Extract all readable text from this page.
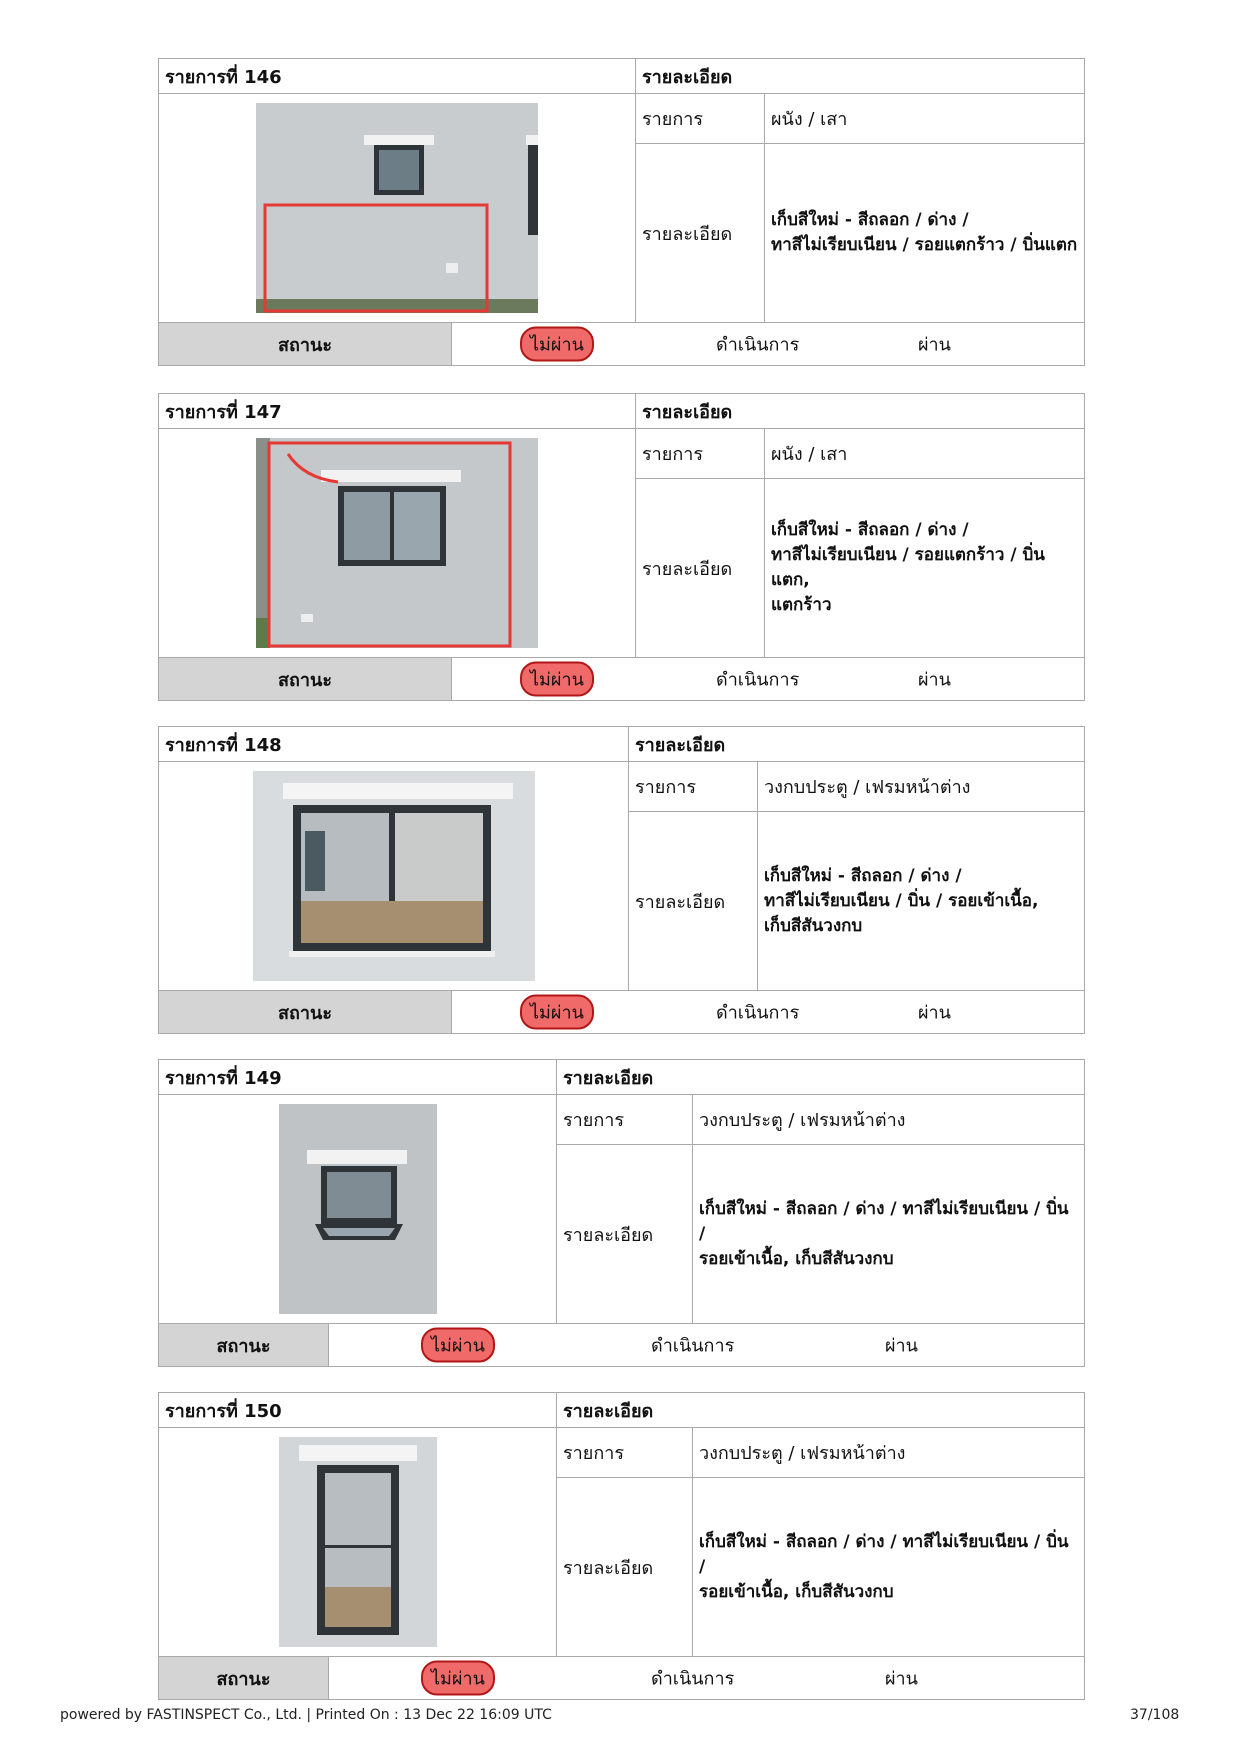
รายการที่ 146	รายละเอียด	

	รายการ	ผนัง / เสา
	รายละเอียด	เก็บสีใหม่ - สีถลอก / ด่าง /
ทาสีไม่เรียบเนียน / รอยแตกร้าว / บิ่นแตก
สถานะ	ไม่ผ่าน	ดำเนินการ	ผ่าน
รายการที่ 147	รายละเอียด	

	รายการ	ผนัง / เสา
	รายละเอียด	เก็บสีใหม่ - สีถลอก / ด่าง /
ทาสีไม่เรียบเนียน / รอยแตกร้าว / บิ่นแตก,
แตกร้าว
สถานะ	ไม่ผ่าน	ดำเนินการ	ผ่าน
รายการที่ 148	รายละเอียด	

	รายการ	วงกบประตู / เฟรมหน้าต่าง
	รายละเอียด	เก็บสีใหม่ - สีถลอก / ด่าง /
ทาสีไม่เรียบเนียน / บิ่น / รอยเข้าเนื้อ,
เก็บสีสันวงกบ
สถานะ	ไม่ผ่าน	ดำเนินการ	ผ่าน
รายการที่ 149	รายละเอียด	

	รายการ	วงกบประตู / เฟรมหน้าต่าง
	รายละเอียด	เก็บสีใหม่ - สีถลอก / ด่าง / ทาสีไม่เรียบเนียน / บิ่น /
รอยเข้าเนื้อ, เก็บสีสันวงกบ
สถานะ	ไม่ผ่าน	ดำเนินการ	ผ่าน
รายการที่ 150	รายละเอียด	

	รายการ	วงกบประตู / เฟรมหน้าต่าง
	รายละเอียด	เก็บสีใหม่ - สีถลอก / ด่าง / ทาสีไม่เรียบเนียน / บิ่น /
รอยเข้าเนื้อ, เก็บสีสันวงกบ
สถานะ	ไม่ผ่าน	ดำเนินการ	ผ่าน
powered by FASTINSPECT Co., Ltd. | Printed On : 13 Dec 22 16:09 UTC	37/108
